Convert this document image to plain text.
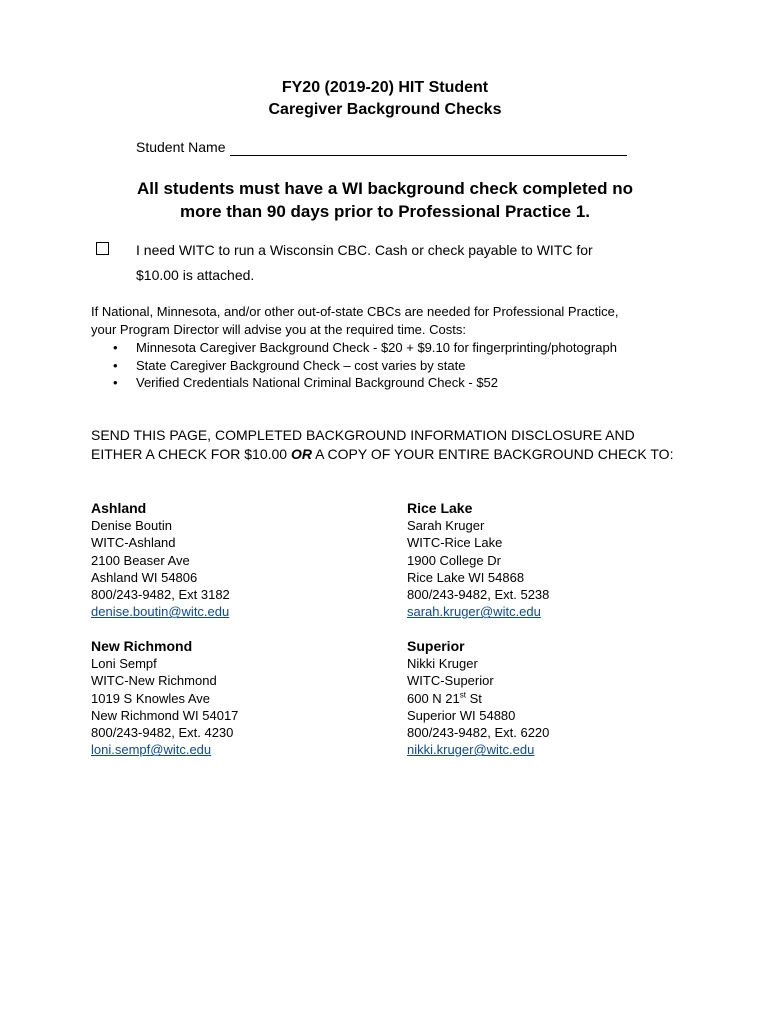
FY20 (2019-20) HIT Student
Caregiver Background Checks
Student Name
All students must have a WI background check completed no
more than 90 days prior to Professional Practice 1.
I need WITC to run a Wisconsin CBC. Cash or check payable to WITC for
$10.00 is attached.
If National, Minnesota, and/or other out-of-state CBCs are needed for Professional Practice,
your Program Director will advise you at the required time. Costs:
• Minnesota Caregiver Background Check - $20 + $9.10 for fingerprinting/photograph
• State Caregiver Background Check – cost varies by state
• Verified Credentials National Criminal Background Check - $52
SEND THIS PAGE, COMPLETED BACKGROUND INFORMATION DISCLOSURE AND
EITHER A CHECK FOR $10.00 OR A COPY OF YOUR ENTIRE BACKGROUND CHECK TO:
Ashland
Denise Boutin
WITC-Ashland
2100 Beaser Ave
Ashland WI 54806
800/243-9482, Ext 3182
denise.boutin@witc.edu
Rice Lake
Sarah Kruger
WITC-Rice Lake
1900 College Dr
Rice Lake WI 54868
800/243-9482, Ext. 5238
sarah.kruger@witc.edu
New Richmond
Loni Sempf
WITC-New Richmond
1019 S Knowles Ave
New Richmond WI 54017
800/243-9482, Ext. 4230
loni.sempf@witc.edu
Superior
Nikki Kruger
WITC-Superior
600 N 21st St
Superior WI 54880
800/243-9482, Ext. 6220
nikki.kruger@witc.edu
